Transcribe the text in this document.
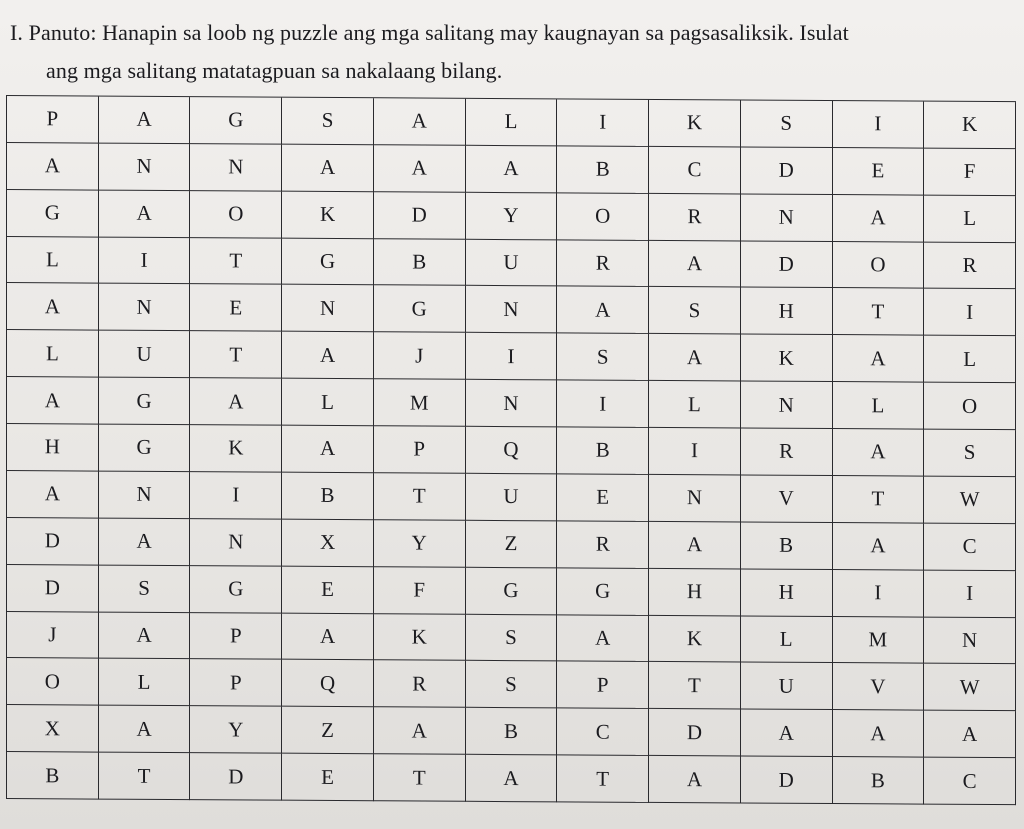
I. Panuto: Hanapin sa loob ng puzzle ang mga salitang may kaugnayan sa pagsasaliksik. Isulat
ang mga salitang matatagpuan sa nakalaang bilang.
P	A	G	S	A	L	I	K	S	I	K
A	N	N	A	A	A	B	C	D	E	F
G	A	O	K	D	Y	O	R	N	A	L
L	I	T	G	B	U	R	A	D	O	R
A	N	E	N	G	N	A	S	H	T	I
L	U	T	A	J	I	S	A	K	A	L
A	G	A	L	M	N	I	L	N	L	O
H	G	K	A	P	Q	B	I	R	A	S
A	N	I	B	T	U	E	N	V	T	W
D	A	N	X	Y	Z	R	A	B	A	C
D	S	G	E	F	G	G	H	H	I	I
J	A	P	A	K	S	A	K	L	M	N
O	L	P	Q	R	S	P	T	U	V	W
X	A	Y	Z	A	B	C	D	A	A	A
B	T	D	E	T	A	T	A	D	B	C
